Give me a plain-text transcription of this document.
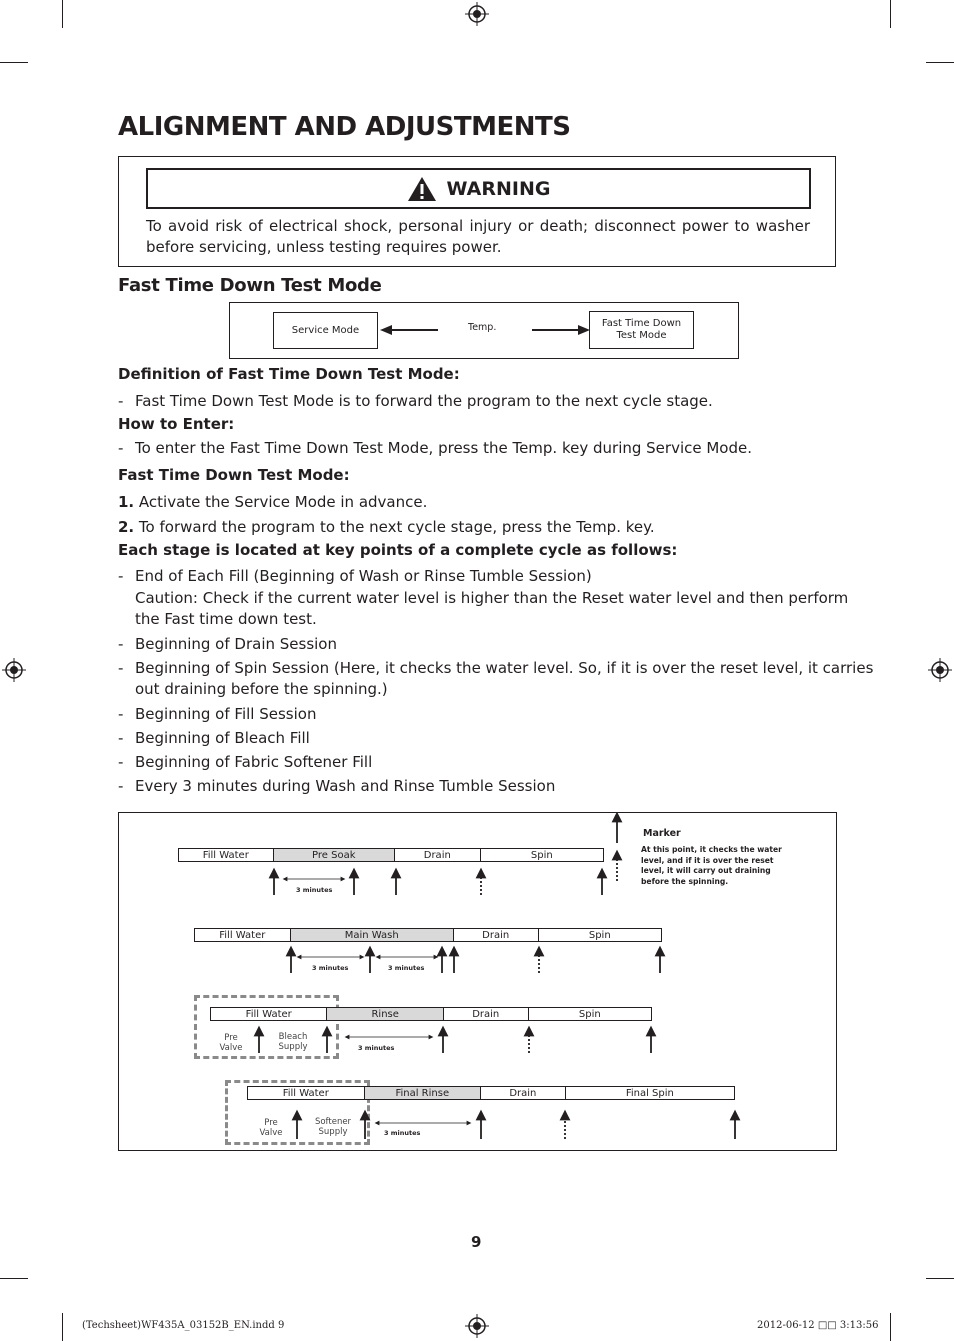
ALIGNMENT AND ADJUSTMENTS
WARNING
To avoid risk of electrical shock, personal injury or death; disconnect power to washer before servicing, unless testing requires power.
Fast Time Down Test Mode
Service Mode	Temp.	Fast Time Down
Test Mode
Definition of Fast Time Down Test Mode:
- Fast Time Down Test Mode is to forward the program to the next cycle stage.
How to Enter:
- To enter the Fast Time Down Test Mode, press the Temp. key during Service Mode.
Fast Time Down Test Mode:
1. Activate the Service Mode in advance.
2. To forward the program to the next cycle stage, press the Temp. key.
Each stage is located at key points of a complete cycle as follows:
- End of Each Fill (Beginning of Wash or Rinse Tumble Session)
Caution: Check if the current water level is higher than the Reset water level and then perform
the Fast time down test.
- Beginning of Drain Session
- Beginning of Spin Session (Here, it checks the water level. So, if it is over the reset level, it carries
out draining before the spinning.)
- Beginning of Fill Session
- Beginning of Bleach Fill
- Beginning of Fabric Softener Fill
- Every 3 minutes during Wash and Rinse Tumble Session
Fill Water	Pre Soak	Drain	Spin
Fill Water	Main Wash	Drain	Spin
Fill Water	Rinse	Drain	Spin
Pre
Valve
Bleach
Supply
Fill Water	Final Rinse	Drain	Final Spin
Pre
Valve
Softener
Supply
3 minutes
3 minutes	3 minutes
3 minutes
3 minutes
Marker
At this point, it checks the water
level, and if it is over the reset
level, it will carry out draining
before the spinning.
9
(Techsheet)WF435A_03152B_EN.indd 9	2012-06-12 □□ 3:13:56
